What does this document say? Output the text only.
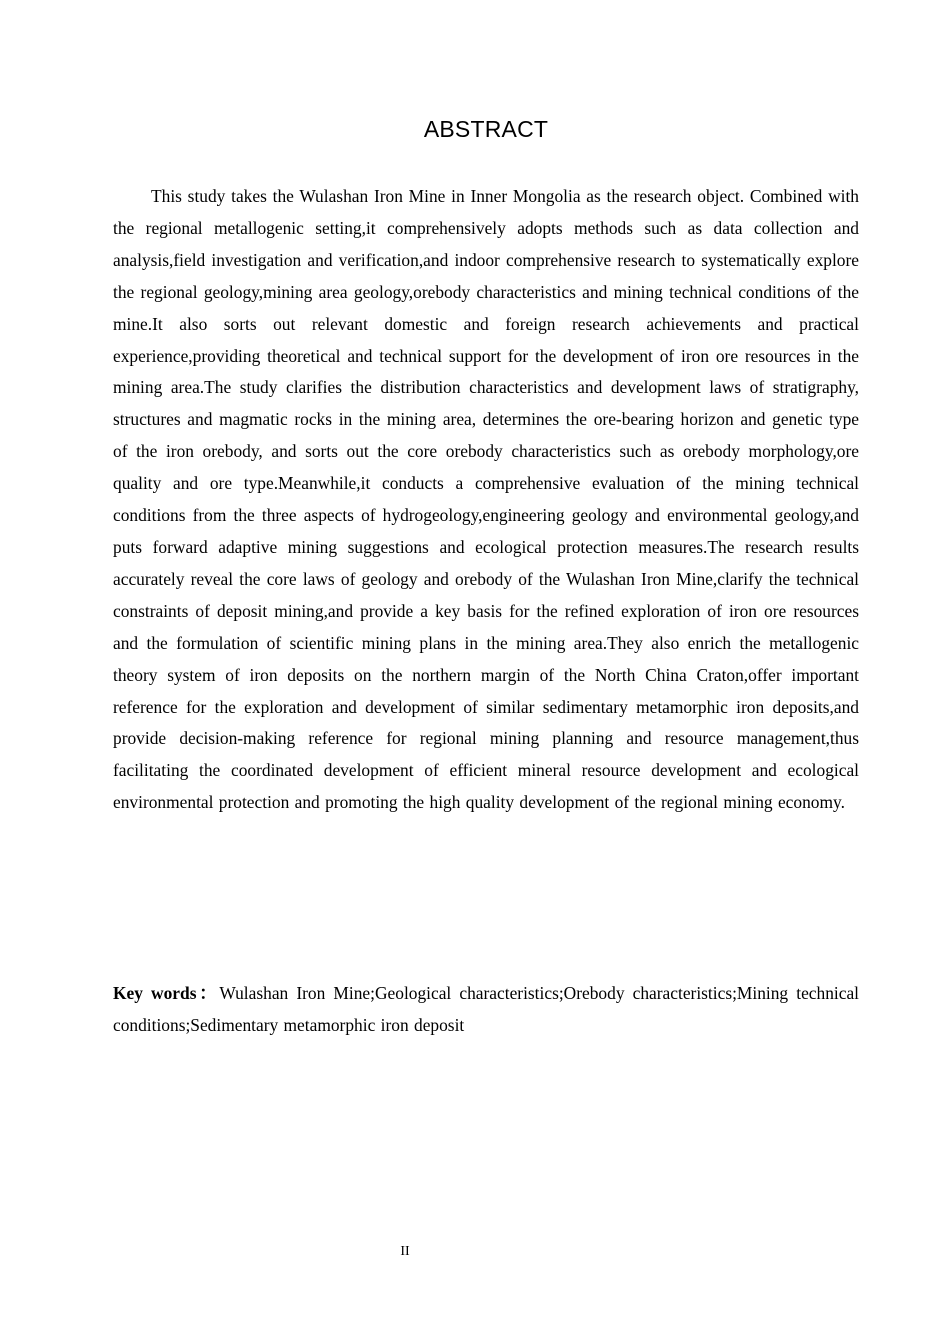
ABSTRACT

This study takes the Wulashan Iron Mine in Inner Mongolia as the research object. Combined with the regional metallogenic setting,it comprehensively adopts methods such as data collection and analysis,field investigation and verification,and indoor comprehensive research to systematically explore the regional geology,mining area geology,orebody characteristics and mining technical conditions of the mine.It also sorts out relevant domestic and foreign research achievements and practical experience,providing theoretical and technical support for the development of iron ore resources in the mining area.The study clarifies the distribution characteristics and development laws of stratigraphy, structures and magmatic rocks in the mining area, determines the ore-bearing horizon and genetic type of the iron orebody, and sorts out the core orebody characteristics such as orebody morphology,ore quality and ore type.Meanwhile,it conducts a comprehensive evaluation of the mining technical conditions from the three aspects of hydrogeology,engineering geology and environmental geology,and puts forward adaptive mining suggestions and ecological protection measures.The research results accurately reveal the core laws of geology and orebody of the Wulashan Iron Mine,clarify the technical constraints of deposit mining,and provide a key basis for the refined exploration of iron ore resources and the formulation of scientific mining plans in the mining area.They also enrich the metallogenic theory system of iron deposits on the northern margin of the North China Craton,offer important reference for the exploration and development of similar sedimentary metamorphic iron deposits,and provide decision-making reference for regional mining planning and resource management,thus facilitating the coordinated development of efficient mineral resource development and ecological environmental protection and promoting the high quality development of the regional mining economy.

Key words：Wulashan Iron Mine;Geological characteristics;Orebody characteristics;Mining technical conditions;Sedimentary metamorphic iron deposit

II
